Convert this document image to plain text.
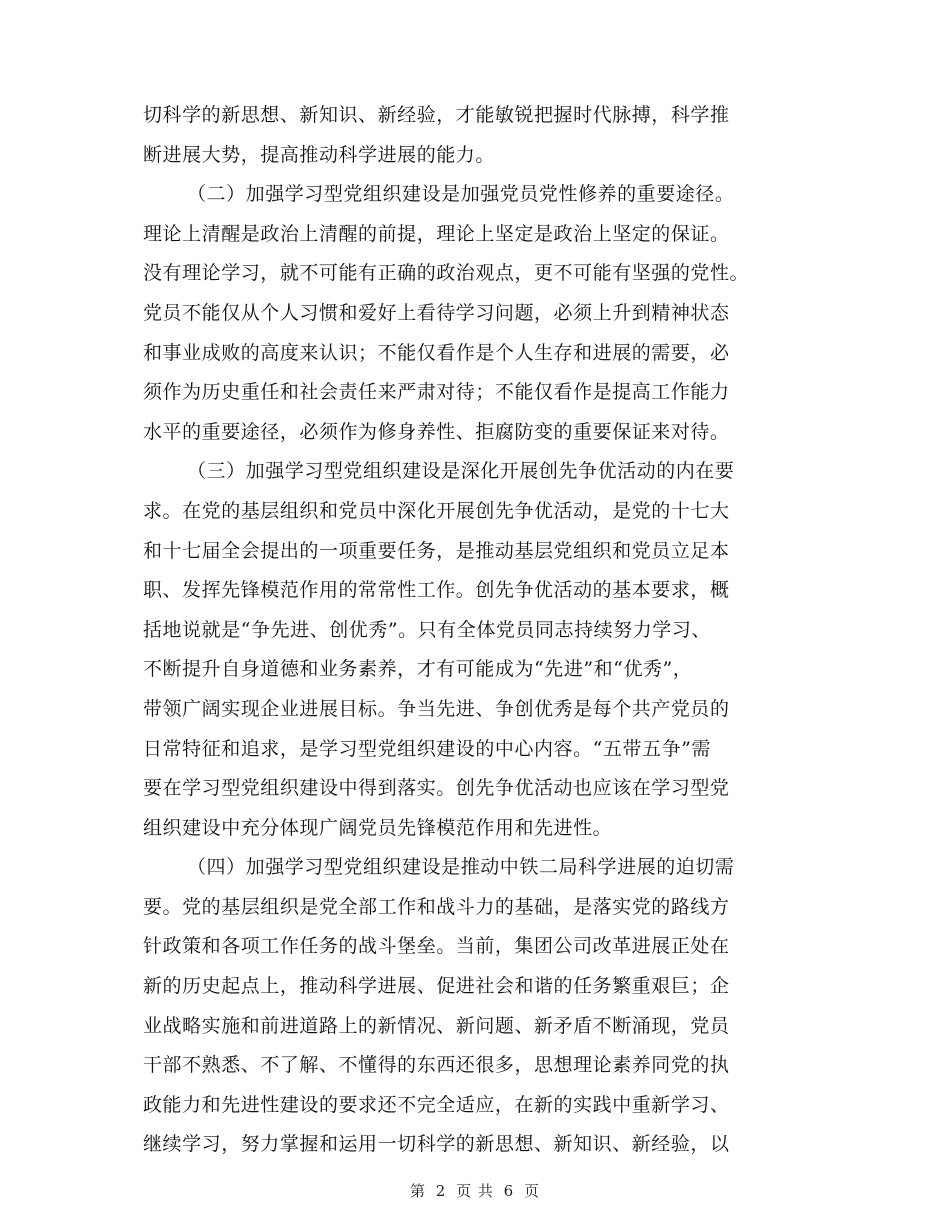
切科学的新思想、新知识、新经验，才能敏锐把握时代脉搏，科学推
断进展大势，提高推动科学进展的能力。
（二）加强学习型党组织建设是加强党员党性修养的重要途径。
理论上清醒是政治上清醒的前提，理论上坚定是政治上坚定的保证。
没有理论学习，就不可能有正确的政治观点，更不可能有坚强的党性。
党员不能仅从个人习惯和爱好上看待学习问题，必须上升到精神状态
和事业成败的高度来认识；不能仅看作是个人生存和进展的需要，必
须作为历史重任和社会责任来严肃对待；不能仅看作是提高工作能力
水平的重要途径，必须作为修身养性、拒腐防变的重要保证来对待。
（三）加强学习型党组织建设是深化开展创先争优活动的内在要
求。在党的基层组织和党员中深化开展创先争优活动，是党的十七大
和十七届全会提出的一项重要任务，是推动基层党组织和党员立足本
职、发挥先锋模范作用的常常性工作。创先争优活动的基本要求，概
括地说就是“争先进、创优秀”。只有全体党员同志持续努力学习、
不断提升自身道德和业务素养，才有可能成为“先进”和“优秀”，
带领广阔实现企业进展目标。争当先进、争创优秀是每个共产党员的
日常特征和追求，是学习型党组织建设的中心内容。“五带五争”需
要在学习型党组织建设中得到落实。创先争优活动也应该在学习型党
组织建设中充分体现广阔党员先锋模范作用和先进性。
（四）加强学习型党组织建设是推动中铁二局科学进展的迫切需
要。党的基层组织是党全部工作和战斗力的基础，是落实党的路线方
针政策和各项工作任务的战斗堡垒。当前，集团公司改革进展正处在
新的历史起点上，推动科学进展、促进社会和谐的任务繁重艰巨；企
业战略实施和前进道路上的新情况、新问题、新矛盾不断涌现，党员
干部不熟悉、不了解、不懂得的东西还很多，思想理论素养同党的执
政能力和先进性建设的要求还不完全适应，在新的实践中重新学习、
继续学习，努力掌握和运用一切科学的新思想、新知识、新经验，以
第 2 页 共 6 页
